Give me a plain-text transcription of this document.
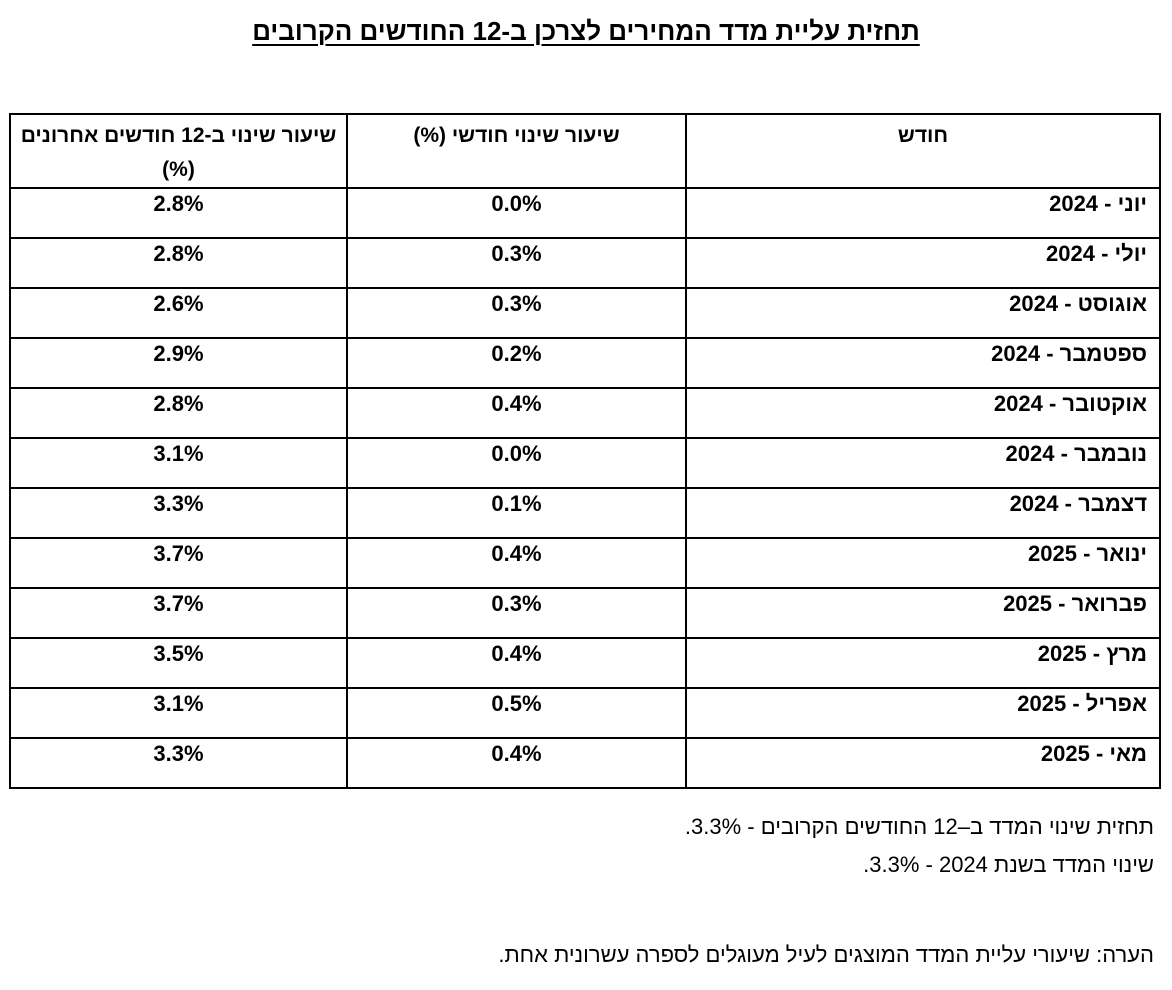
תחזית עליית מדד המחירים לצרכן ב-12 החודשים הקרובים
שיעור שינוי ב-12 חודשים אחרונים (%)	שיעור שינוי חודשי (%)	חודש

2.8%	0.0%	יוני - 2024
2.8%	0.3%	יולי - 2024
2.6%	0.3%	אוגוסט - 2024
2.9%	0.2%	ספטמבר - 2024
2.8%	0.4%	אוקטובר - 2024
3.1%	0.0%	נובמבר - 2024
3.3%	0.1%	דצמבר - 2024
3.7%	0.4%	ינואר - 2025
3.7%	0.3%	פברואר - 2025
3.5%	0.4%	מרץ - 2025
3.1%	0.5%	אפריל - 2025
3.3%	0.4%	מאי - 2025

תחזית שינוי המדד ב–12 החודשים הקרובים - 3.3%.

שינוי המדד בשנת 2024 - 3.3%.

הערה: שיעורי עליית המדד המוצגים לעיל מעוגלים לספרה עשרונית אחת.
